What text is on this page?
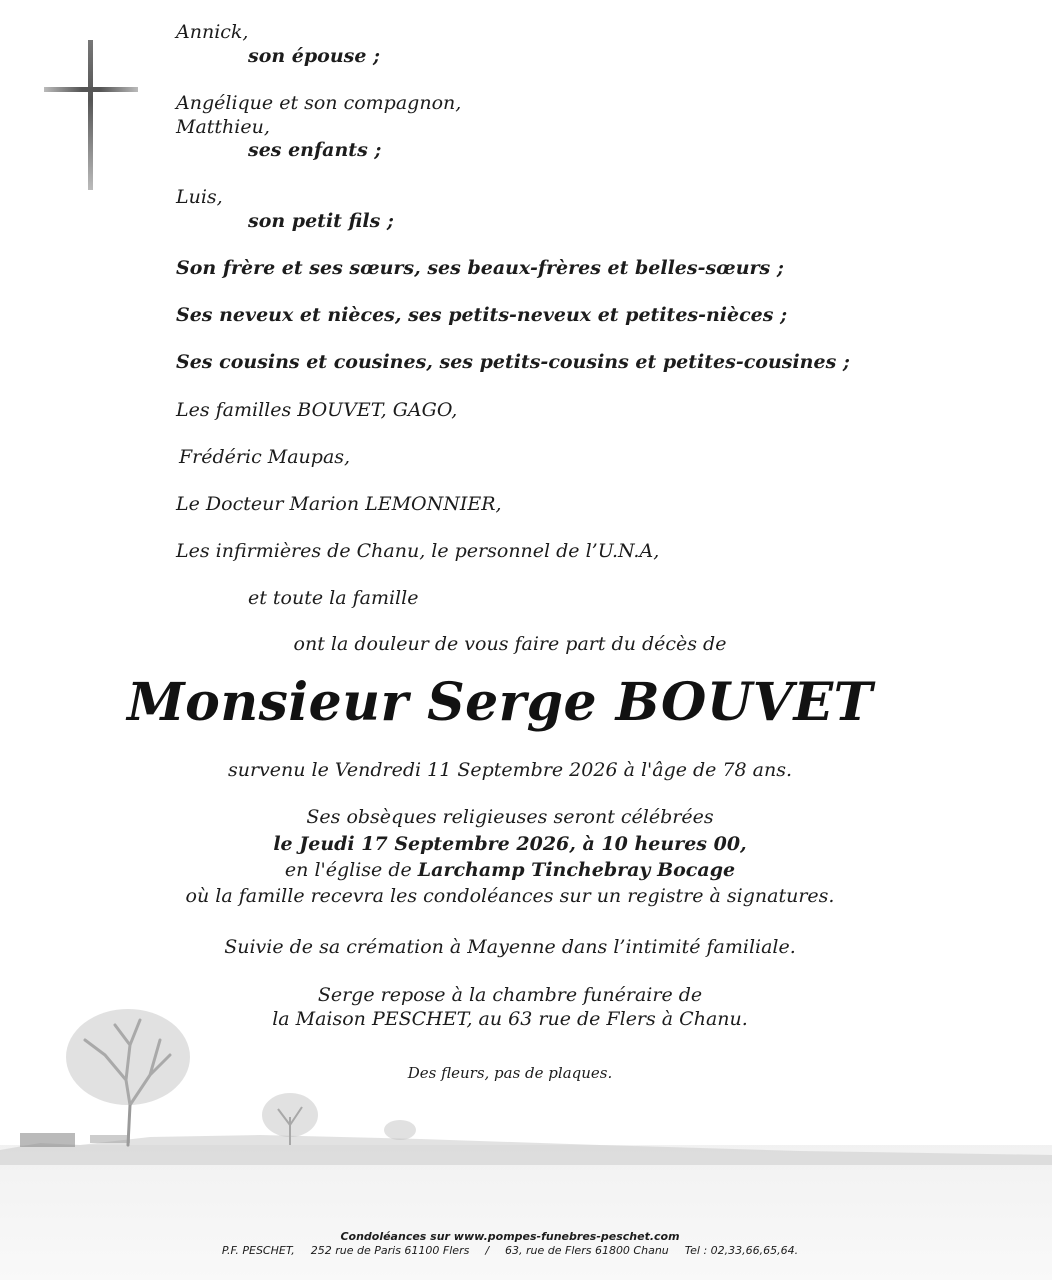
Annick,
son épouse ;
Angélique et son compagnon,
Matthieu,
ses enfants ;
Luis,
son petit fils ;
Son frère et ses sœurs, ses beaux-frères et belles-sœurs ;
Ses neveux et nièces, ses petits-neveux et petites-nièces ;
Ses cousins et cousines, ses petits-cousins et petites-cousines ;
Les familles BOUVET, GAGO,
Frédéric Maupas,
Le Docteur Marion LEMONNIER,
Les infirmières de Chanu, le personnel de l’U.N.A,
et toute la famille
ont la douleur de vous faire part du décès de
Monsieur Serge BOUVET
survenu le Vendredi 11 Septembre 2026 à l'âge de 78 ans.
Ses obsèques religieuses seront célébrées
le Jeudi 17 Septembre 2026, à 10 heures 00,
en l'église de Larchamp Tinchebray Bocage
où la famille recevra les condoléances sur un registre à signatures.
Suivie de sa crémation à Mayenne dans l’intimité familiale.
Serge repose à la chambre funéraire de
la Maison PESCHET, au 63 rue de Flers à Chanu.
Des fleurs, pas de plaques.
Condoléances sur www.pompes-funebres-peschet.com
P.F. PESCHET, 252 rue de Paris 61100 Flers / 63, rue de Flers 61800 Chanu Tel : 02,33,66,65,64.
